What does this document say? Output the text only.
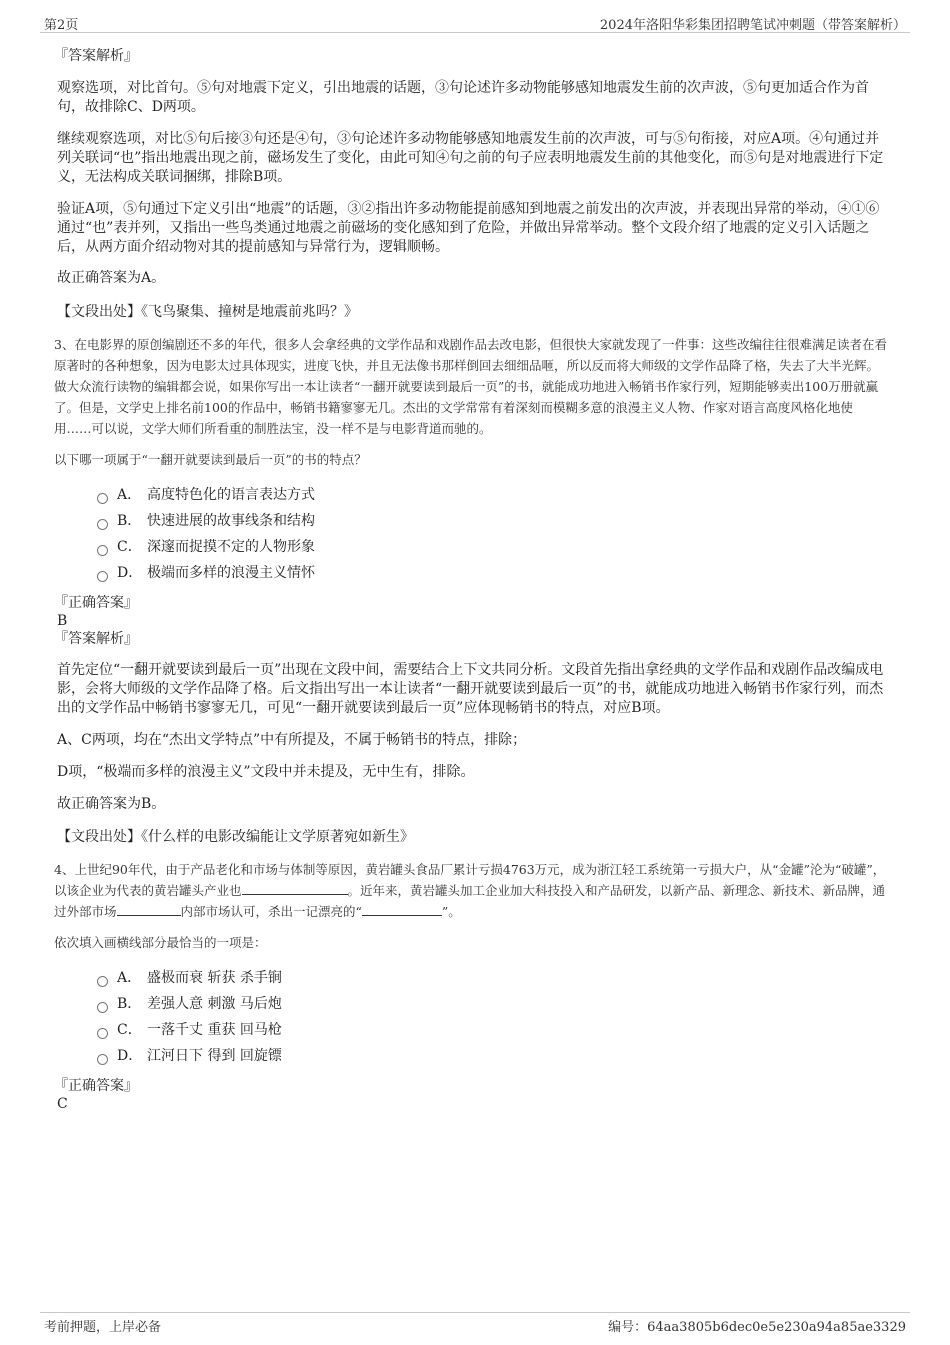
第2页	2024年洛阳华彩集团招聘笔试冲刺题（带答案解析）

『答案解析』

观察选项，对比首句。⑤句对地震下定义，引出地震的话题，③句论述许多动物能够感知地震发生前的次声波，⑤句更加适合作为首句，故排除C、D两项。

继续观察选项，对比⑤句后接③句还是④句，③句论述许多动物能够感知地震发生前的次声波，可与⑤句衔接，对应A项。④句通过并列关联词“也”指出地震出现之前，磁场发生了变化，由此可知④句之前的句子应表明地震发生前的其他变化，而⑤句是对地震进行下定义，无法构成关联词捆绑，排除B项。

验证A项，⑤句通过下定义引出“地震”的话题，③②指出许多动物能提前感知到地震之前发出的次声波，并表现出异常的举动，④①⑥通过“也”表并列，又指出一些鸟类通过地震之前磁场的变化感知到了危险，并做出异常举动。整个文段介绍了地震的定义引入话题之后，从两方面介绍动物对其的提前感知与异常行为，逻辑顺畅。

故正确答案为A。

【文段出处】《飞鸟聚集、撞树是地震前兆吗？》

3、在电影界的原创编剧还不多的年代，很多人会拿经典的文学作品和戏剧作品去改电影，但很快大家就发现了一件事：这些改编往往很难满足读者在看原著时的各种想象，因为电影太过具体现实，进度飞快，并且无法像书那样倒回去细细品咂，所以反而将大师级的文学作品降了格，失去了大半光辉。做大众流行读物的编辑都会说，如果你写出一本让读者“一翻开就要读到最后一页”的书，就能成功地进入畅销书作家行列，短期能够卖出100万册就赢了。但是，文学史上排名前100的作品中，畅销书籍寥寥无几。杰出的文学常常有着深刻而模糊多意的浪漫主义人物、作家对语言高度风格化地使用……可以说，文学大师们所看重的制胜法宝，没一样不是与电影背道而驰的。

以下哪一项属于“一翻开就要读到最后一页”的书的特点？

A． 高度特色化的语言表达方式
B． 快速进展的故事线条和结构
C． 深邃而捉摸不定的人物形象
D． 极端而多样的浪漫主义情怀

『正确答案』

B

『答案解析』

首先定位“一翻开就要读到最后一页”出现在文段中间，需要结合上下文共同分析。文段首先指出拿经典的文学作品和戏剧作品改编成电影，会将大师级的文学作品降了格。后文指出写出一本让读者“一翻开就要读到最后一页”的书，就能成功地进入畅销书作家行列，而杰出的文学作品中畅销书寥寥无几，可见“一翻开就要读到最后一页”应体现畅销书的特点，对应B项。

A、C两项，均在“杰出文学特点”中有所提及，不属于畅销书的特点，排除；

D项，“极端而多样的浪漫主义”文段中并未提及，无中生有，排除。

故正确答案为B。

【文段出处】《什么样的电影改编能让文学原著宛如新生》

4、上世纪90年代，由于产品老化和市场与体制等原因，黄岩罐头食品厂累计亏损4763万元，成为浙江轻工系统第一亏损大户，从“金罐”沦为“破罐”，以该企业为代表的黄岩罐头产业也	。近年来，黄岩罐头加工企业加大科技投入和产品研发，以新产品、新理念、新技术、新品牌，通过外部市场	内部市场认可，杀出一记漂亮的“	”。

依次填入画横线部分最恰当的一项是：

A． 盛极而衰 斩获 杀手锏
B． 差强人意 刺激 马后炮
C． 一落千丈 重获 回马枪
D． 江河日下 得到 回旋镖

『正确答案』

C

考前押题，上岸必备	编号：64aa3805b6dec0e5e230a94a85ae3329
